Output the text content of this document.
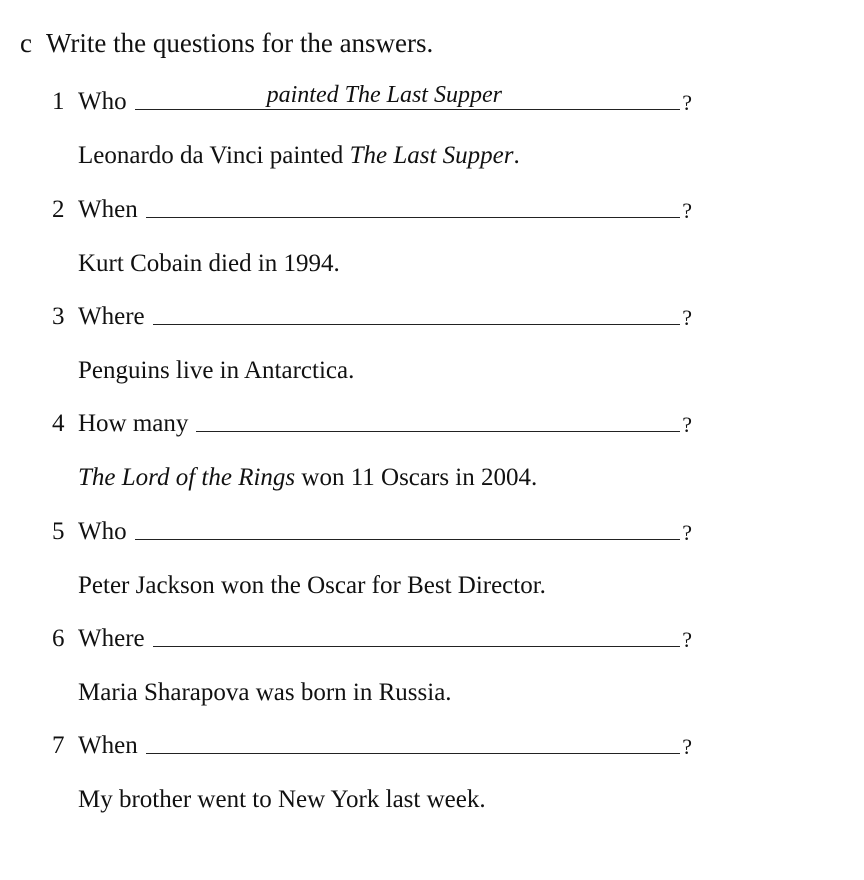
c Write the questions for the answers.
1 Who	painted The Last Supper	?
Leonardo da Vinci painted The Last Supper.
2 When	?
Kurt Cobain died in 1994.
3 Where	?
Penguins live in Antarctica.
4 How many	?
The Lord of the Rings won 11 Oscars in 2004.
5 Who	?
Peter Jackson won the Oscar for Best Director.
6 Where	?
Maria Sharapova was born in Russia.
7 When	?
My brother went to New York last week.
